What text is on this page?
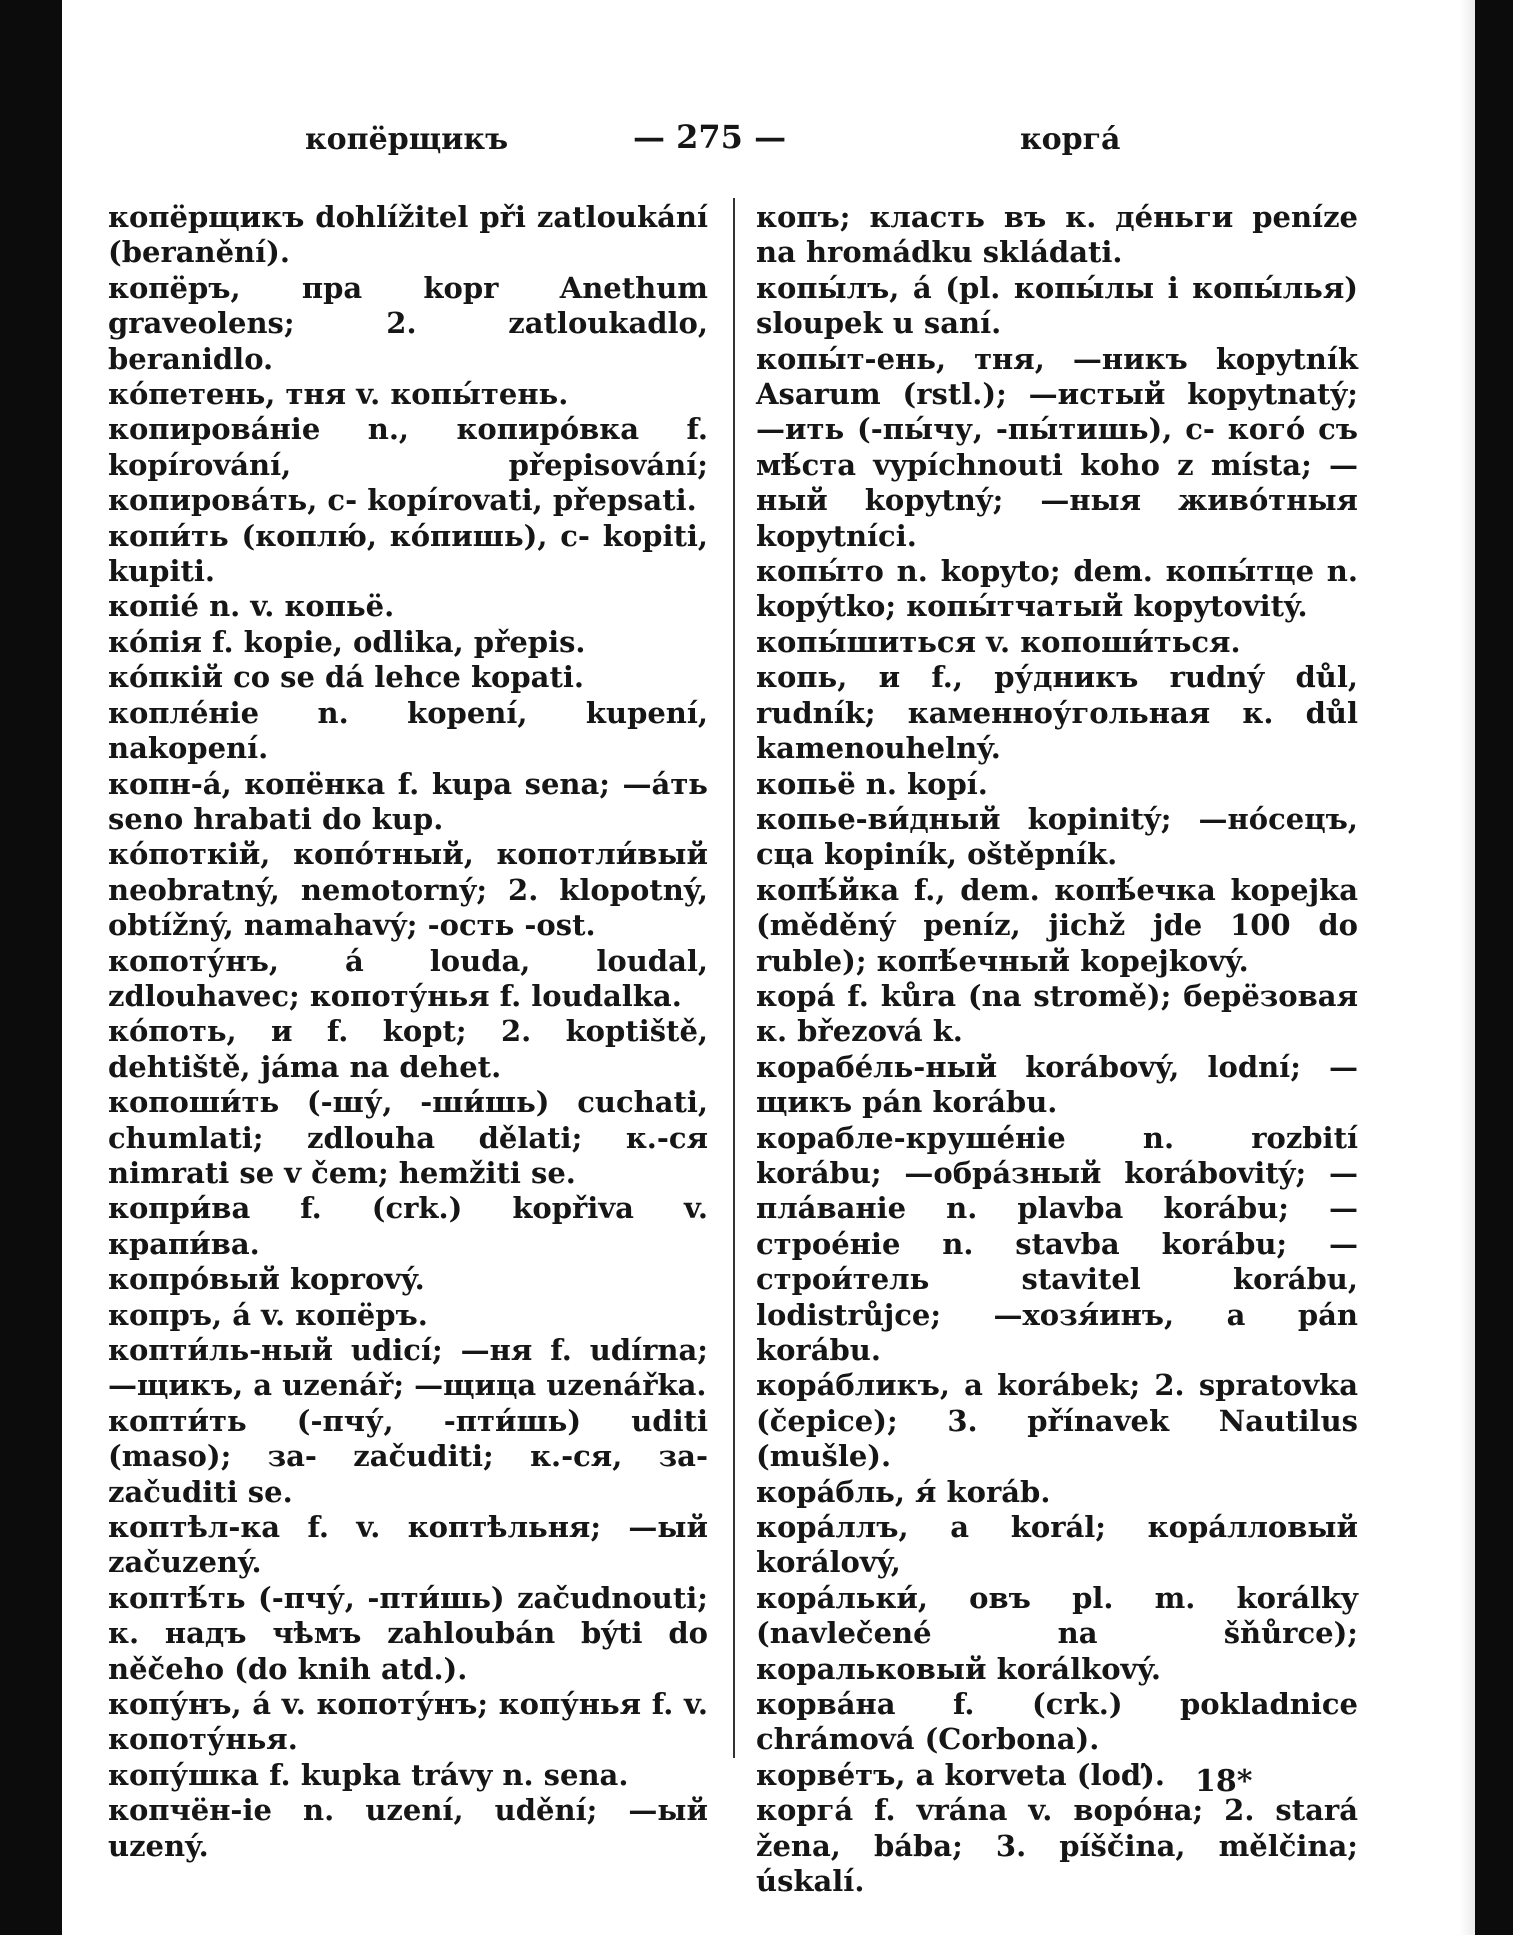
копёрщикъ	— 275 —	коргá

копёрщикъ dohlížitel při zatloukání (beranění).

копёръ, пра kopr Anethum graveolens; 2. zatloukadlo, beranidlo.

кóпетень, тня v. копы́тень.

копировáніе n., копирóвка f. kopírování, přepisování; копировáть, с- kopírovati, přepsati.

копи́ть (коплю́, кóпишь), с- kopiti, kupiti.

копіé n. v. копьё.

кóпія f. kopie, odlika, přepis.

кóпкій co se dá lehce kopati.

коплéніе n. kopení, kupení, nakopení.

копн-á, копёнка f. kupa sena; —áть seno hrabati do kup.

кóпоткій, копóтный, копотли́вый neobratný, nemotorný; 2. klopotný, obtížný, namahavý; -ость -ost.

копоту́нъ, á louda, loudal, zdlouhavec; копоту́нья f. loudalka.

кóпоть, и f. kopt; 2. koptiště, dehtiště, jáma na dehet.

копоши́ть (-шу́, -ши́шь) cuchati, chumlati; zdlouha dělati; к.-ся nimrati se v čem; hemžiti se.

копри́ва f. (crk.) kopřiva v. крапи́ва.

копрóвый koprový.

копръ, á v. копёръ.

копти́ль-ный udicí; —ня f. udírna; —щикъ, a uzenář; —щица uzenářka.

копти́ть (-пчу́, -пти́шь) uditi (maso); за- začuditi; к.-ся, за- začuditi se.

коптѣл-ка f. v. коптѣльня; —ый začuzený.

коптѣ́ть (-пчу́, -пти́шь) začudnouti; к. надъ чѣмъ zahloubán býti do něčeho (do knih atd.).

копу́нъ, á v. копоту́нъ; копу́нья f. v. копоту́нья.

копу́шка f. kupka trávy n. sena.

копчён-іе n. uzení, udění; —ый uzený.

копъ; класть въ к. дéньги peníze na hromádku skládati.

копы́лъ, á (pl. копы́лы i копы́лья) sloupek u saní.

копы́т-ень, тня, —никъ kopytník Asarum (rstl.); —истый kopytnatý; —ить (-пы́чу, -пы́тишь), с- когó съ мѣ́ста vypíchnouti koho z místa; —ный kopytný; —ныя живóтныя kopytníci.

копы́то n. kopyto; dem. копы́тце n. kopýtko; копы́тчатый kopytovitý.

копы́шиться v. копоши́ться.

копь, и f., ру́дникъ rudný důl, rudník; каменноу́гольная к. důl kamenouhelný.

копьё n. kopí.

копье-ви́дный kopinitý; —нóсецъ, сца kopiník, oštěpník.

копѣ́йка f., dem. копѣ́ечка kopejka (měděný peníz, jichž jde 100 do ruble); копѣ́ечный kopejkový.

корá f. kůra (na stromě); берёзовая к. březová k.

корабéль-ный korábový, lodní; —щикъ pán korábu.

корабле-крушéніе n. rozbití korábu; —обрáзный korábovitý; —плáваніе n. plavba korábu; —строéніе n. stavba korábu; —строи́тель stavitel korábu, lodistrůjce; —хозя́инъ, a pán korábu.

корáбликъ, a korábek; 2. spratovka (čepice); 3. přínavek Nautilus (mušle).

корáбль, я́ koráb.

корáллъ, a korál; корáлловый korálový,

корáльки́, овъ pl. m. korálky (navlečené na šňůrce); коральковый korálkový.

корвáна f. (crk.) pokladnice chrámová (Corbona).

корвéтъ, a korveta (loď).

коргá f. vrána v. ворóна; 2. stará žena, bába; 3. píščina, mělčina; úskalí.

18*
